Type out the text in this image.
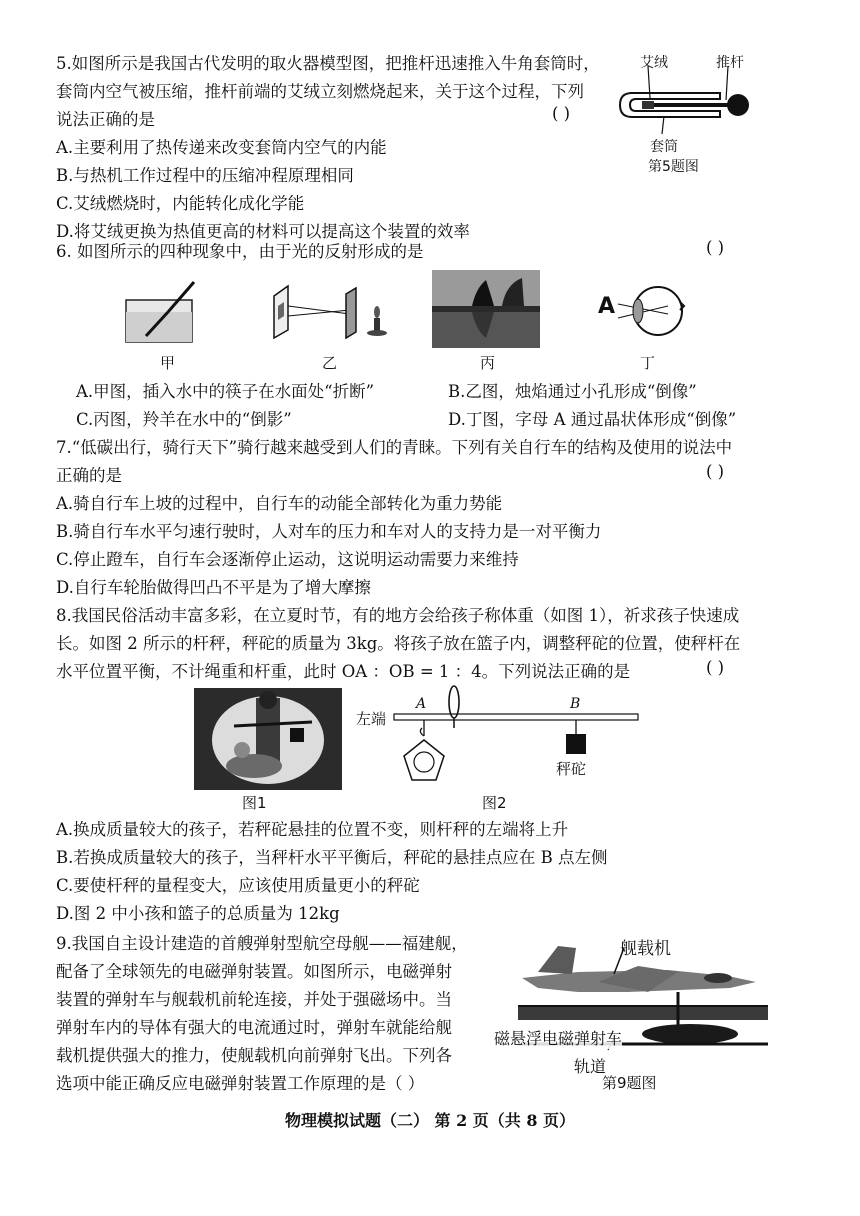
5.如图所示是我国古代发明的取火器模型图，把推杆迅速推入牛角套筒时，
套筒内空气被压缩，推杆前端的艾绒立刻燃烧起来，关于这个过程，下列
说法正确的是
A.主要利用了热传递来改变套筒内空气的内能
B.与热机工作过程中的压缩冲程原理相同
C.艾绒燃烧时，内能转化成化学能
D.将艾绒更换为热值更高的材料可以提高这个装置的效率
( )
艾绒	推杆
套筒
第5题图
6. 如图所示的四种现象中，由于光的反射形成的是	( )
A
甲	乙	丙	丁
A.甲图，插入水中的筷子在水面处“折断”	B.乙图，烛焰通过小孔形成“倒像”
C.丙图，羚羊在水中的“倒影”	D.丁图，字母 A 通过晶状体形成“倒像”
7.“低碳出行，骑行天下”骑行越来越受到人们的青睐。下列有关自行车的结构及使用的说法中
正确的是
A.骑自行车上坡的过程中，自行车的动能全部转化为重力势能
B.骑自行车水平匀速行驶时，人对车的压力和车对人的支持力是一对平衡力
C.停止蹬车，自行车会逐渐停止运动，这说明运动需要力来维持
D.自行车轮胎做得凹凸不平是为了增大摩擦
( )
8.我国民俗活动丰富多彩，在立夏时节，有的地方会给孩子称体重（如图 1），祈求孩子快速成
长。如图 2 所示的杆秤，秤砣的质量为 3kg。将孩子放在篮子内，调整秤砣的位置，使秤杆在
水平位置平衡，不计绳重和杆重，此时 OA ：OB = 1 ：4。下列说法正确的是	( )
图1
左端
A	B
秤砣
图2
A.换成质量较大的孩子，若秤砣悬挂的位置不变，则杆秤的左端将上升
B.若换成质量较大的孩子，当秤杆水平平衡后，秤砣的悬挂点应在 B 点左侧
C.要使杆秤的量程变大，应该使用质量更小的秤砣
D.图 2 中小孩和篮子的总质量为 12kg
9.我国自主设计建造的首艘弹射型航空母舰——福建舰，
配备了全球领先的电磁弹射装置。如图所示，电磁弹射
装置的弹射车与舰载机前轮连接，并处于强磁场中。当
弹射车内的导体有强大的电流通过时，弹射车就能给舰
载机提供强大的推力，使舰载机向前弹射飞出。下列各
选项中能正确反应电磁弹射装置工作原理的是（ ）
舰载机
磁悬浮电磁弹射车
轨道
第9题图
物理模拟试题（二） 第 2 页（共 8 页）
